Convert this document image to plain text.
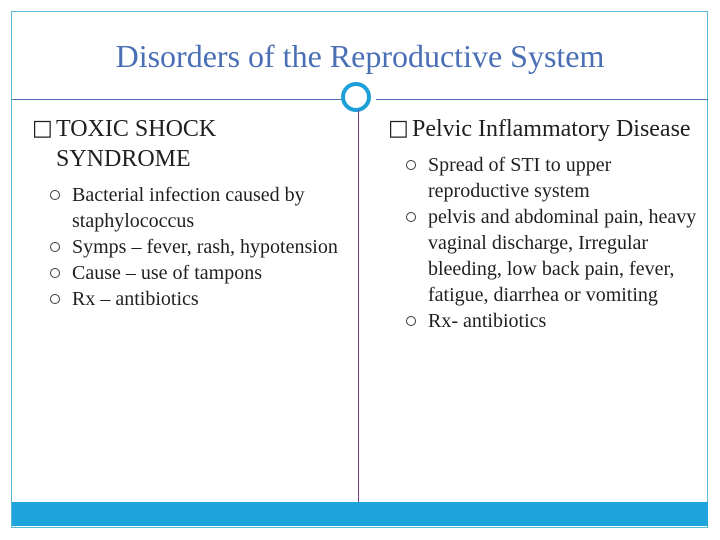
Disorders of the Reproductive System
□ TOXIC SHOCK SYNDROME
Bacterial infection caused by staphylococcus
Symps – fever, rash, hypotension
Cause – use of tampons
Rx – antibiotics
□ Pelvic Inflammatory Disease
Spread of STI to upper reproductive system
pelvis and abdominal pain, heavy vaginal discharge, Irregular bleeding, low back pain, fever, fatigue, diarrhea or vomiting
Rx- antibiotics
